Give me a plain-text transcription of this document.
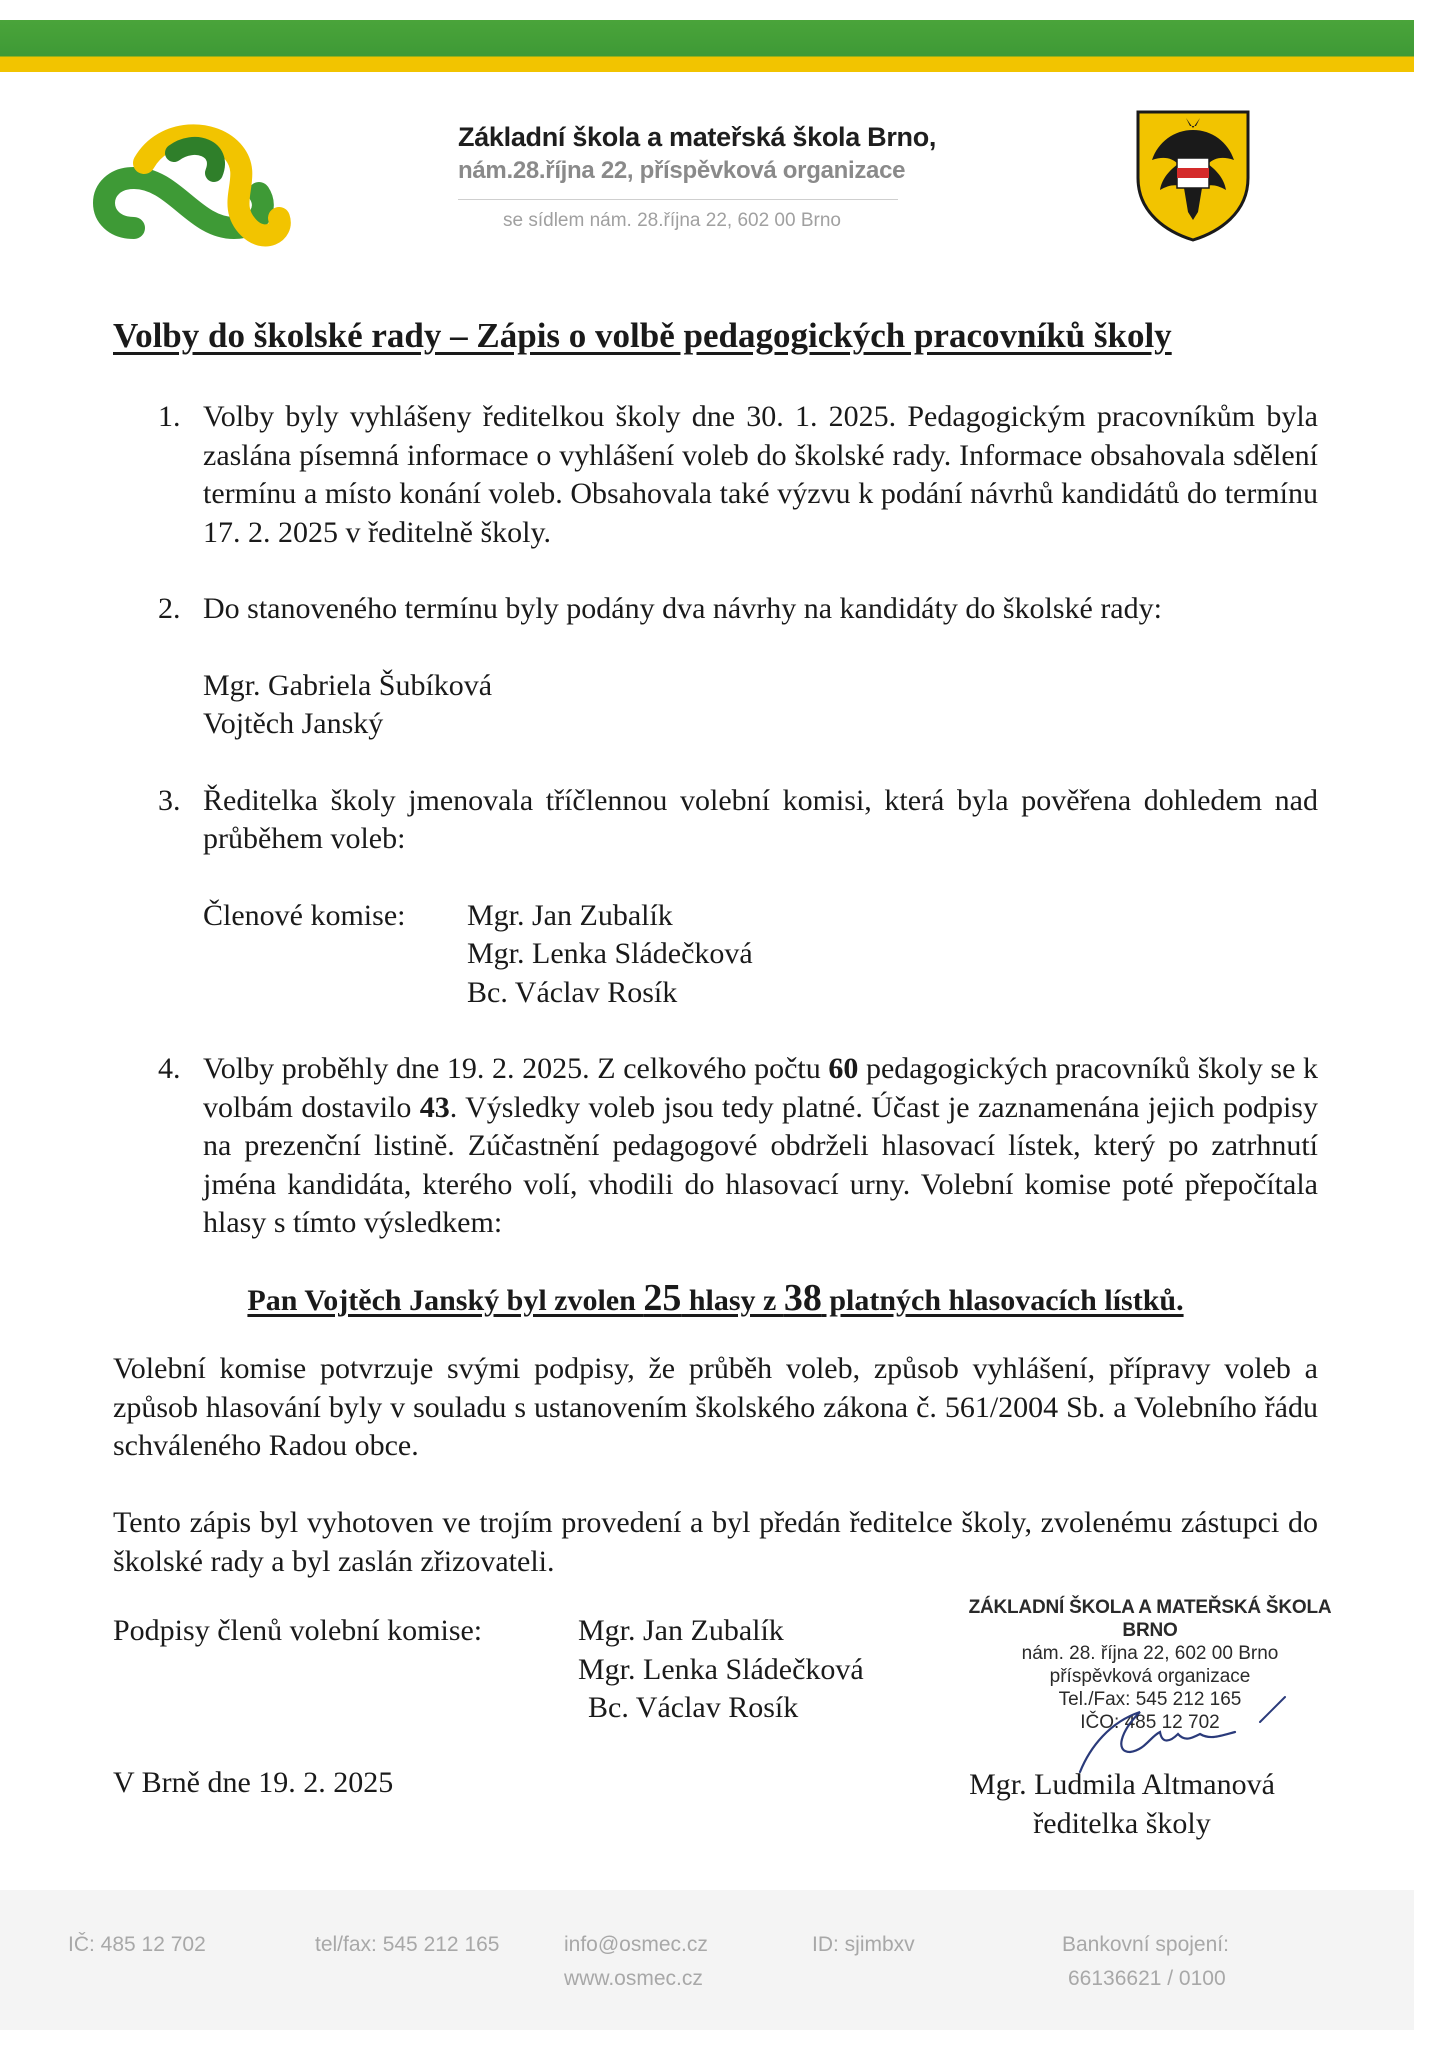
Základní škola a mateřská škola Brno,
nám.28.října 22, příspěvková organizace
se sídlem nám. 28.října 22, 602 00 Brno
Volby do školské rady – Zápis o volbě pedagogických pracovníků školy
1. Volby byly vyhlášeny ředitelkou školy dne 30. 1. 2025. Pedagogickým pracovníkům byla zaslána písemná informace o vyhlášení voleb do školské rady. Informace obsahovala sdělení termínu a místo konání voleb. Obsahovala také výzvu k podání návrhů kandidátů do termínu 17. 2. 2025 v ředitelně školy.

2. Do stanoveného termínu byly podány dva návrhy na kandidáty do školské rady:

Mgr. Gabriela Šubíková
Vojtěch Janský
3. Ředitelka školy jmenovala tříčlennou volební komisi, která byla pověřena dohledem nad průběhem voleb:

Členové komise:	Mgr. Jan Zubalík
Mgr. Lenka Sládečková
Bc. Václav Rosík
4. Volby proběhly dne 19. 2. 2025. Z celkového počtu 60 pedagogických pracovníků školy se k volbám dostavilo 43. Výsledky voleb jsou tedy platné. Účast je zaznamenána jejich podpisy na prezenční listině. Zúčastnění pedagogové obdrželi hlasovací lístek, který po zatrhnutí jména kandidáta, kterého volí, vhodili do hlasovací urny. Volební komise poté přepočítala hlasy s tímto výsledkem:

Pan Vojtěch Janský byl zvolen 25 hlasy z 38 platných hlasovacích lístků.
Volební komise potvrzuje svými podpisy, že průběh voleb, způsob vyhlášení, přípravy voleb a způsob hlasování byly v souladu s ustanovením školského zákona č. 561/2004 Sb. a Volebního řádu schváleného Radou obce.
Tento zápis byl vyhotoven ve trojím provedení a byl předán ředitelce školy, zvolenému zástupci do školské rady a byl zaslán zřizovateli.
Podpisy členů volební komise:	Mgr. Jan Zubalík
Mgr. Lenka Sládečková
Bc. Václav Rosík
ZÁKLADNÍ ŠKOLA A MATEŘSKÁ ŠKOLA BRNO
nám. 28. října 22, 602 00 Brno
příspěvková organizace
Tel./Fax: 545 212 165
IČO: 485 12 702
V Brně dne 19. 2. 2025	Mgr. Ludmila Altmanová
ředitelka školy
IČ: 485 12 702	tel/fax: 545 212 165	info@osmec.cz
www.osmec.cz
ID: sjimbxv	Bankovní spojení:
66136621 / 0100
